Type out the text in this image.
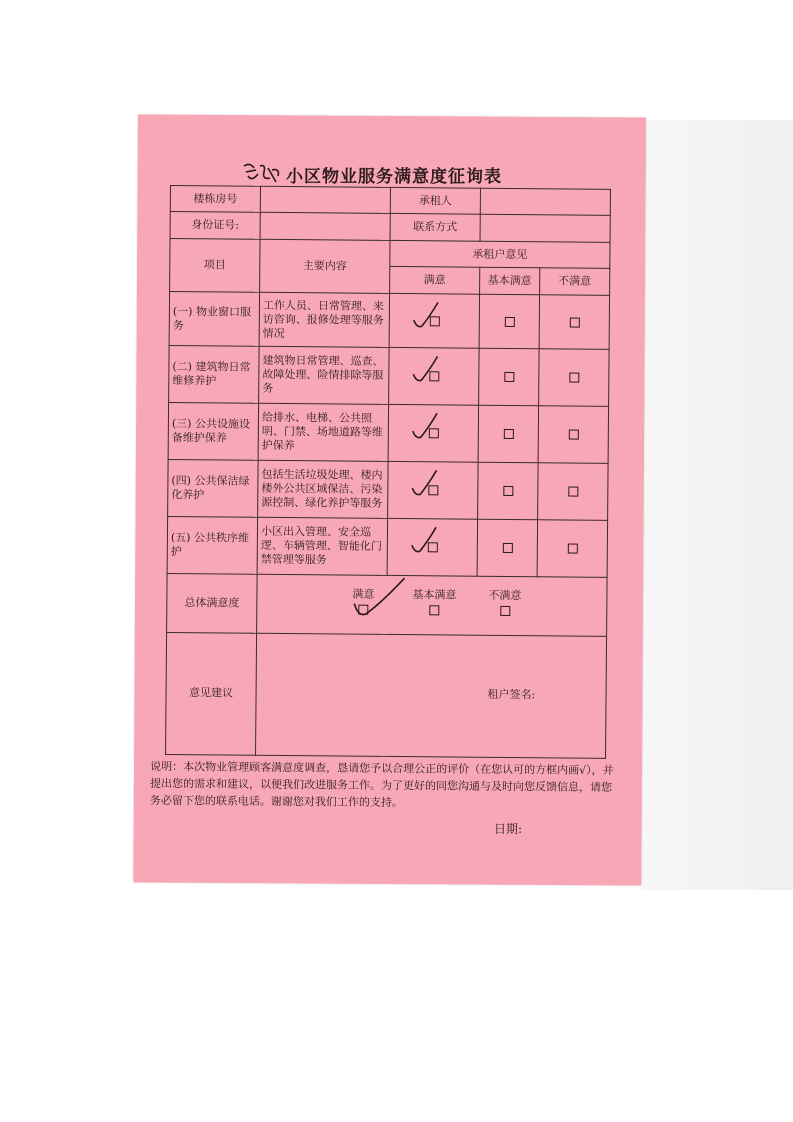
小区物业服务满意度征询表
楼栋房号		承租人		
身份证号:		联系方式		
项目	主要内容	承租户意见		
		满意	基本满意	不满意
(一) 物业窗口服务	工作人员、日常管理、来访咨询、报修处理等服务情况	

(二) 建筑物日常维修养护	建筑物日常管理、巡查、故障处理、险情排除等服务	

(三) 公共设施设备维护保养	给排水、电梯、公共照明、门禁、场地道路等维护保养	

(四) 公共保洁绿化养护	包括生活垃圾处理、楼内楼外公共区域保洁、污染源控制、绿化养护等服务	

(五) 公共秩序维护	小区出入管理、安全巡逻、车辆管理、智能化门禁管理等服务	

总体满意度	满意 基本满意 不满意			

意见建议	租户签名:			
说明：本次物业管理顾客满意度调查，恳请您予以合理公正的评价（在您认可的方框内画√），并提出您的需求和建议，以便我们改进服务工作。为了更好的同您沟通与及时向您反馈信息，请您务必留下您的联系电话。谢谢您对我们工作的支持。
日期:
